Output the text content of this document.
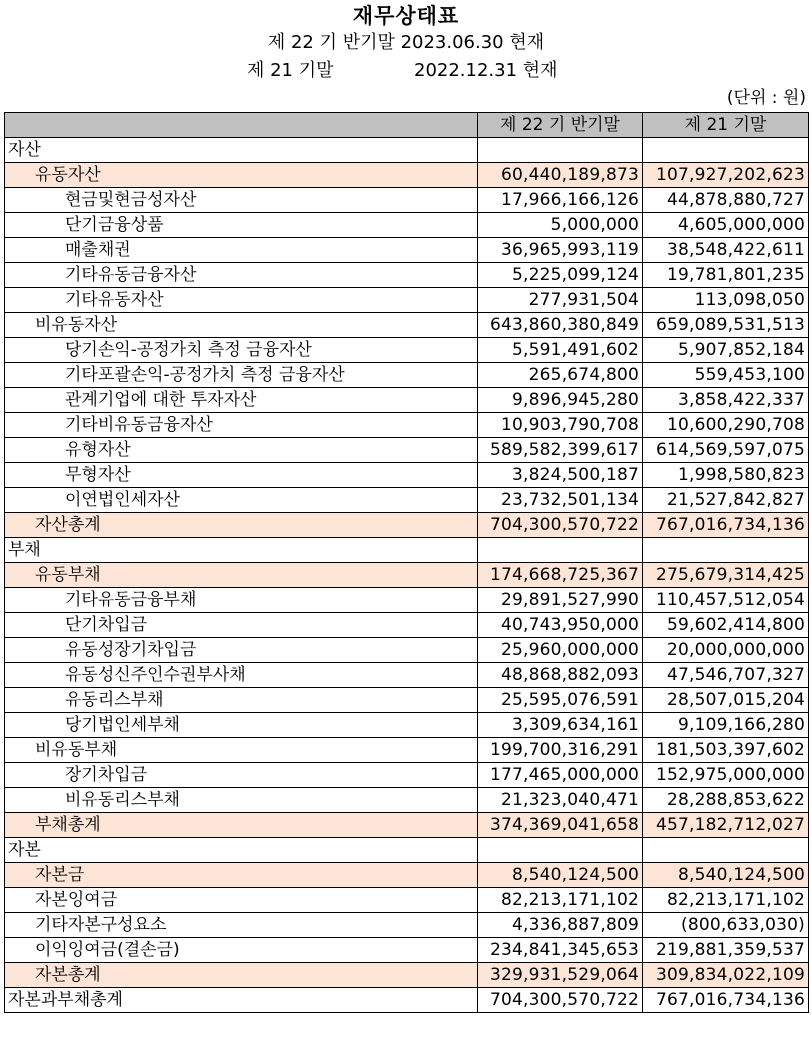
재무상태표
제 22 기 반기말 2023.06.30 현재
제 21 기말	2022.12.31 현재
(단위 : 원)
	제 22 기 반기말	제 21 기말
자산		
유동자산	60,440,189,873	107,927,202,623
현금및현금성자산	17,966,166,126	44,878,880,727
단기금융상품	5,000,000	4,605,000,000
매출채권	36,965,993,119	38,548,422,611
기타유동금융자산	5,225,099,124	19,781,801,235
기타유동자산	277,931,504	113,098,050
비유동자산	643,860,380,849	659,089,531,513
당기손익-공정가치 측정 금융자산	5,591,491,602	5,907,852,184
기타포괄손익-공정가치 측정 금융자산	265,674,800	559,453,100
관계기업에 대한 투자자산	9,896,945,280	3,858,422,337
기타비유동금융자산	10,903,790,708	10,600,290,708
유형자산	589,582,399,617	614,569,597,075
무형자산	3,824,500,187	1,998,580,823
이연법인세자산	23,732,501,134	21,527,842,827
자산총계	704,300,570,722	767,016,734,136
부채		
유동부채	174,668,725,367	275,679,314,425
기타유동금융부채	29,891,527,990	110,457,512,054
단기차입금	40,743,950,000	59,602,414,800
유동성장기차입금	25,960,000,000	20,000,000,000
유동성신주인수권부사채	48,868,882,093	47,546,707,327
유동리스부채	25,595,076,591	28,507,015,204
당기법인세부채	3,309,634,161	9,109,166,280
비유동부채	199,700,316,291	181,503,397,602
장기차입금	177,465,000,000	152,975,000,000
비유동리스부채	21,323,040,471	28,288,853,622
부채총계	374,369,041,658	457,182,712,027
자본		
자본금	8,540,124,500	8,540,124,500
자본잉여금	82,213,171,102	82,213,171,102
기타자본구성요소	4,336,887,809	(800,633,030)
이익잉여금(결손금)	234,841,345,653	219,881,359,537
자본총계	329,931,529,064	309,834,022,109
자본과부채총계	704,300,570,722	767,016,734,136
